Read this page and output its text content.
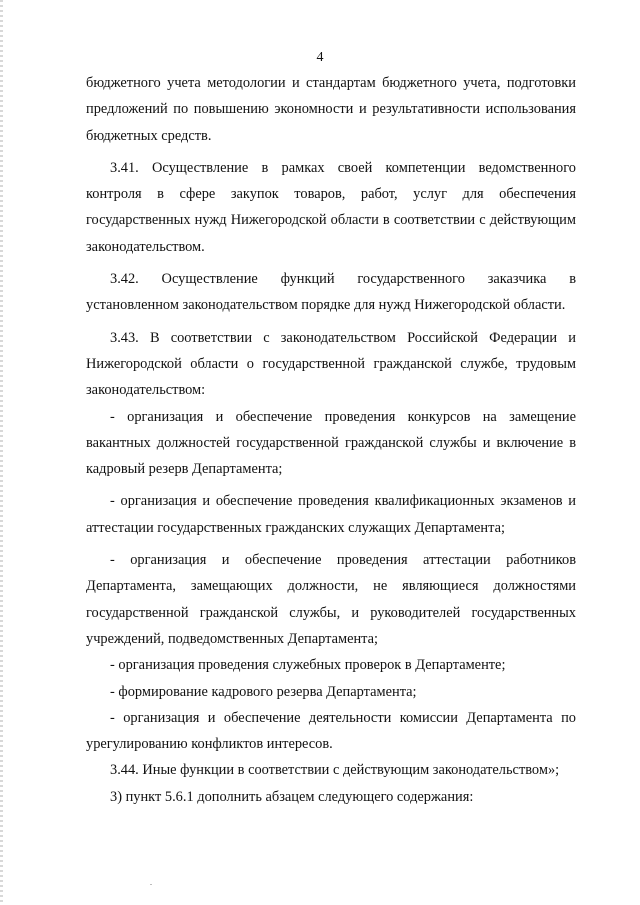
4

бюджетного учета методологии и стандартам бюджетного учета, подготовки предложений по повышению экономности и результативности использования бюджетных средств.

3.41. Осуществление в рамках своей компетенции ведомственного контроля в сфере закупок товаров, работ, услуг для обеспечения государственных нужд Нижегородской области в соответствии с действующим законодательством.

3.42. Осуществление функций государственного заказчика в установленном законодательством порядке для нужд Нижегородской области.

3.43. В соответствии с законодательством Российской Федерации и Нижегородской области о государственной гражданской службе, трудовым законодательством:

- организация и обеспечение проведения конкурсов на замещение вакантных должностей государственной гражданской службы и включение в кадровый резерв Департамента;

- организация и обеспечение проведения квалификационных экзаменов и аттестации государственных гражданских служащих Департамента;

- организация и обеспечение проведения аттестации работников Департамента, замещающих должности, не являющиеся должностями государственной гражданской службы, и руководителей государственных учреждений, подведомственных Департамента;

- организация проведения служебных проверок в Департаменте;

- формирование кадрового резерва Департамента;

- организация и обеспечение деятельности комиссии Департамента по урегулированию конфликтов интересов.

3.44. Иные функции в соответствии с действующим законодательством»;

3) пункт 5.6.1 дополнить абзацем следующего содержания:
